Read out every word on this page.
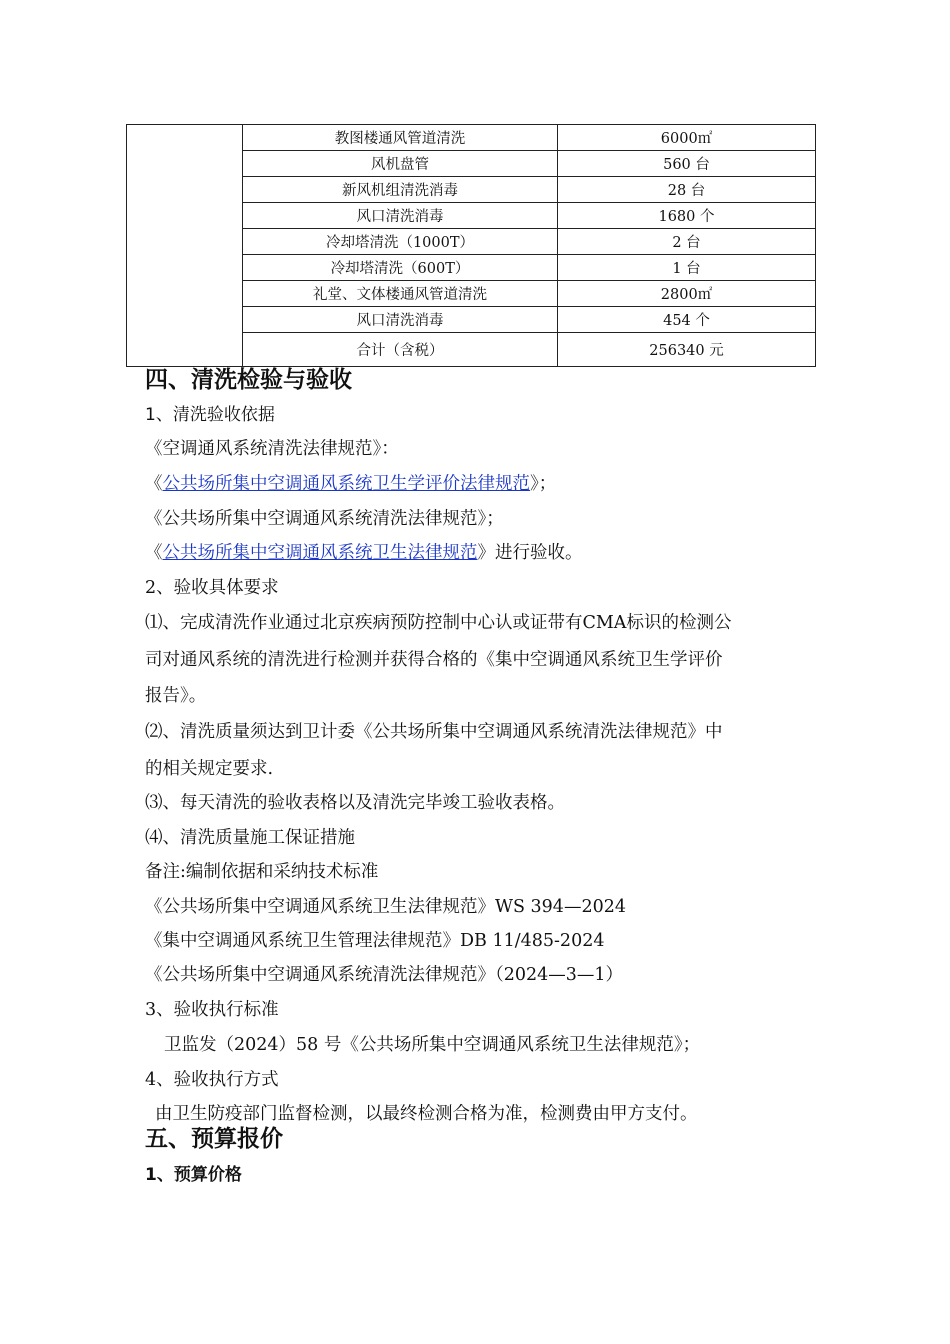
	教图楼通风管道清洗	6000㎡
	风机盘管	560 台
	新风机组清洗消毒	28 台
	风口清洗消毒	1680 个
	冷却塔清洗（1000T）	2 台
	冷却塔清洗（600T）	1 台
	礼堂、文体楼通风管道清洗	2800㎡
	风口清洗消毒	454 个
	合计（含税）	256340 元
四、清洗检验与验收
1、清洗验收依据
《空调通风系统清洗法律规范》：
《公共场所集中空调通风系统卫生学评价法律规范》；
《公共场所集中空调通风系统清洗法律规范》；
《公共场所集中空调通风系统卫生法律规范》进行验收。
2、验收具体要求
⑴、完成清洗作业通过北京疾病预防控制中心认或证带有CMA标识的检测公
司对通风系统的清洗进行检测并获得合格的《集中空调通风系统卫生学评价
报告》。
⑵、清洗质量须达到卫计委《公共场所集中空调通风系统清洗法律规范》中
的相关规定要求.
⑶、每天清洗的验收表格以及清洗完毕竣工验收表格。
⑷、清洗质量施工保证措施
备注:编制依据和采纳技术标准
《公共场所集中空调通风系统卫生法律规范》WS 394—2024
《集中空调通风系统卫生管理法律规范》DB 11/485-2024
《公共场所集中空调通风系统清洗法律规范》（2024—3—1）
3、验收执行标准
卫监发（2024）58 号《公共场所集中空调通风系统卫生法律规范》；
4、验收执行方式
由卫生防疫部门监督检测，以最终检测合格为准，检测费由甲方支付。
五、预算报价
1、预算价格
